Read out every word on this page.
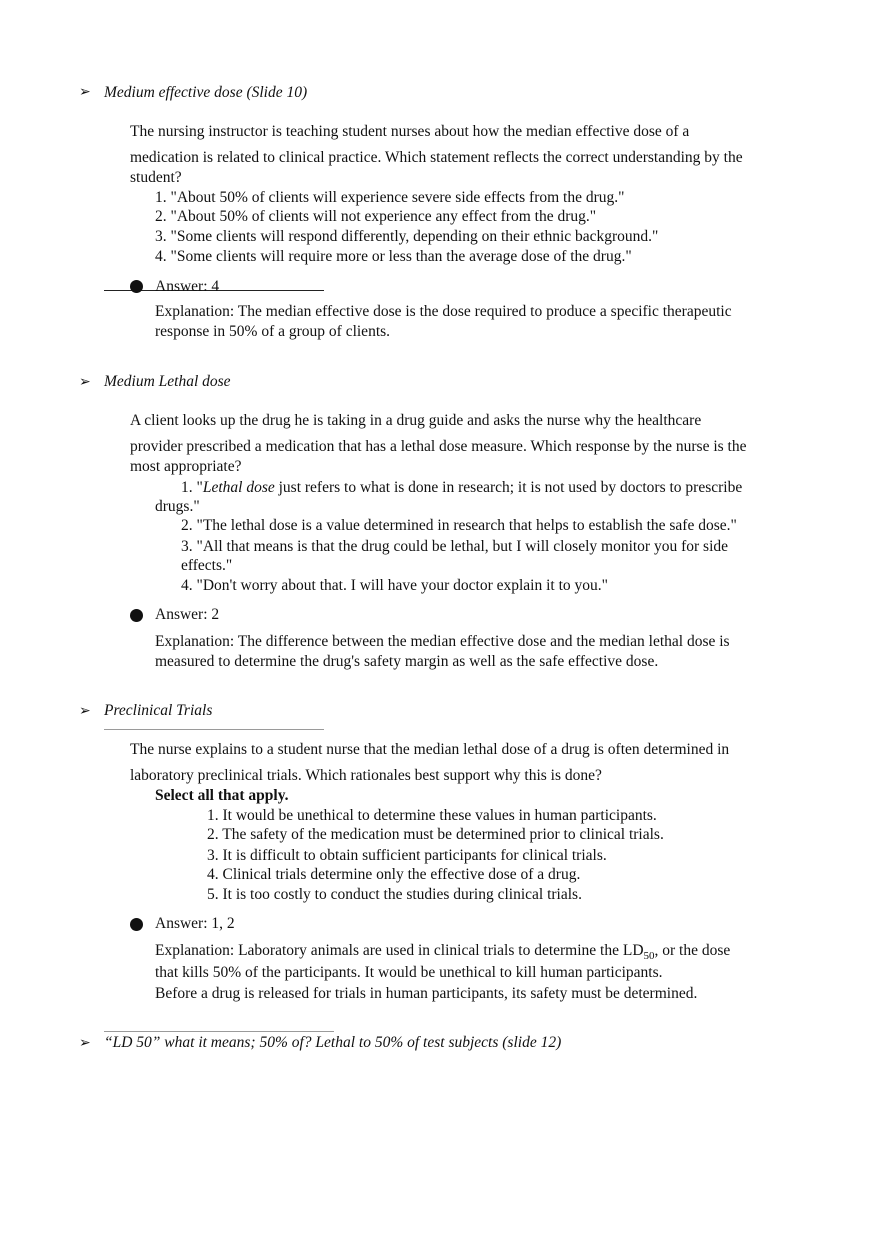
➢ Medium effective dose (Slide 10)
The nursing instructor is teaching student nurses about how the median effective dose of a
medication is related to clinical practice. Which statement reflects the correct understanding by the
student?
1. "About 50% of clients will experience severe side effects from the drug."
2. "About 50% of clients will not experience any effect from the drug."
3. "Some clients will respond differently, depending on their ethnic background."
4. "Some clients will require more or less than the average dose of the drug."
Answer: 4
Explanation: The median effective dose is the dose required to produce a specific therapeutic
response in 50% of a group of clients.
➢ Medium Lethal dose
A client looks up the drug he is taking in a drug guide and asks the nurse why the healthcare
provider prescribed a medication that has a lethal dose measure. Which response by the nurse is the
most appropriate?
1. "Lethal dose just refers to what is done in research; it is not used by doctors to prescribe
drugs."
2. "The lethal dose is a value determined in research that helps to establish the safe dose."
3. "All that means is that the drug could be lethal, but I will closely monitor you for side
effects."
4. "Don't worry about that. I will have your doctor explain it to you."
Answer: 2
Explanation: The difference between the median effective dose and the median lethal dose is
measured to determine the drug's safety margin as well as the safe effective dose.
➢ Preclinical Trials
The nurse explains to a student nurse that the median lethal dose of a drug is often determined in
laboratory preclinical trials. Which rationales best support why this is done?
Select all that apply.
1. It would be unethical to determine these values in human participants.
2. The safety of the medication must be determined prior to clinical trials.
3. It is difficult to obtain sufficient participants for clinical trials.
4. Clinical trials determine only the effective dose of a drug.
5. It is too costly to conduct the studies during clinical trials.
Answer: 1, 2
Explanation: Laboratory animals are used in clinical trials to determine the $LD_{50}$, or the dose
that kills 50% of the participants. It would be unethical to kill human participants.
Before a drug is released for trials in human participants, its safety must be determined.
➢ “LD 50” what it means; 50% of? Lethal to 50% of test subjects (slide 12)
